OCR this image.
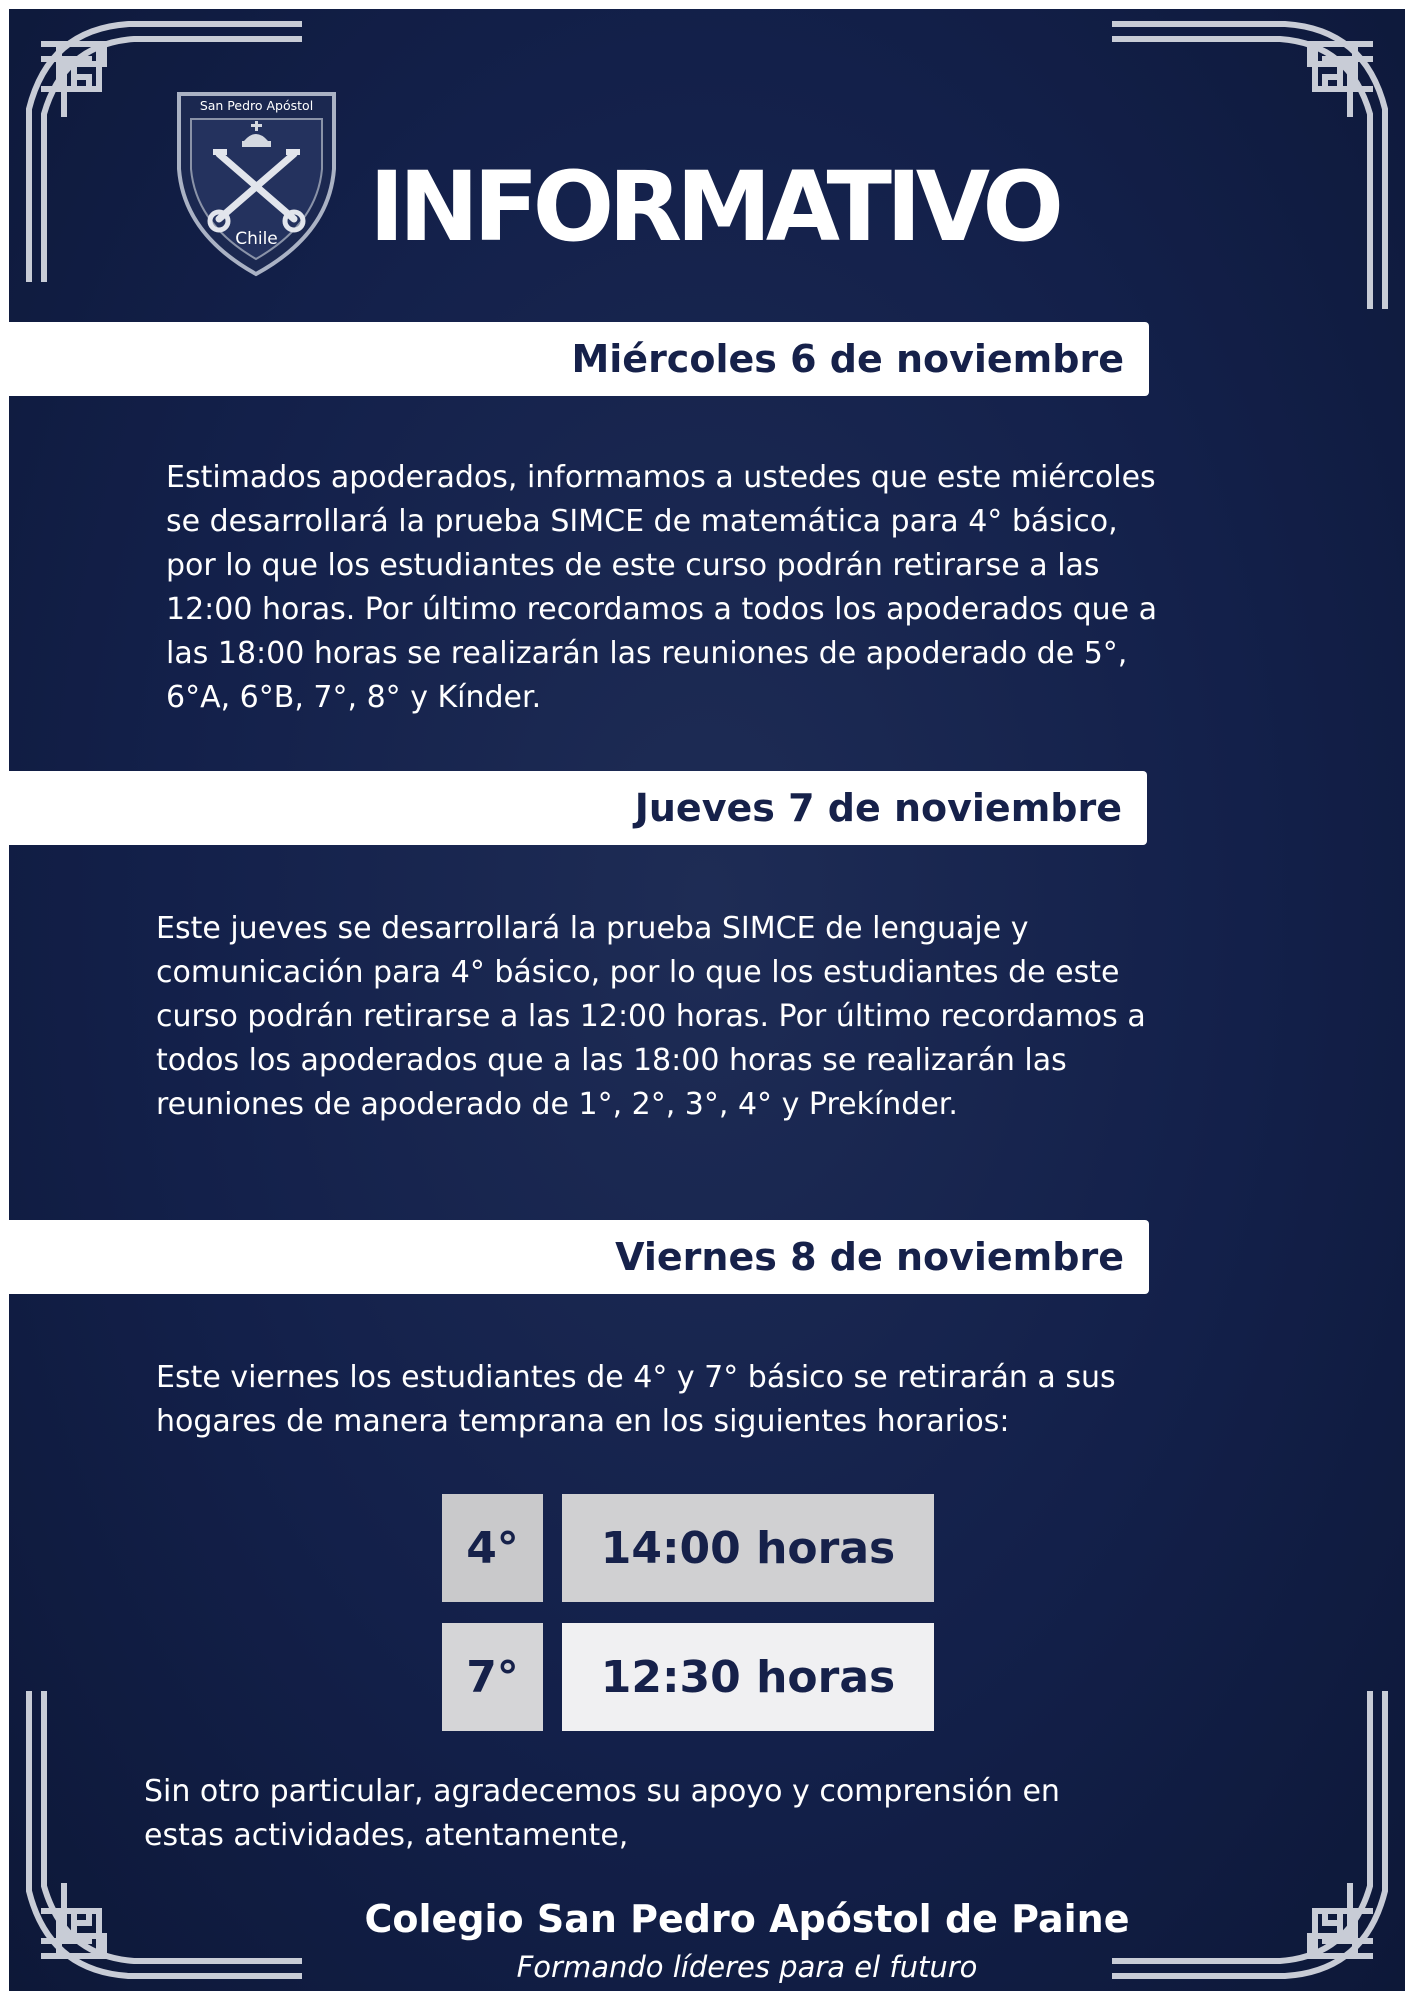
San Pedro Apóstol
Chile INFORMATIVO
Miércoles 6 de noviembre
Estimados apoderados, informamos a ustedes que este miércoles
se desarrollará la prueba SIMCE de matemática para 4° básico,
por lo que los estudiantes de este curso podrán retirarse a las
12:00 horas. Por último recordamos a todos los apoderados que a
las 18:00 horas se realizarán las reuniones de apoderado de 5°,
6°A, 6°B, 7°, 8° y Kínder.
Jueves 7 de noviembre
Este jueves se desarrollará la prueba SIMCE de lenguaje y
comunicación para 4° básico, por lo que los estudiantes de este
curso podrán retirarse a las 12:00 horas. Por último recordamos a
todos los apoderados que a las 18:00 horas se realizarán las
reuniones de apoderado de 1°, 2°, 3°, 4° y Prekínder.
Viernes 8 de noviembre
Este viernes los estudiantes de 4° y 7° básico se retirarán a sus
hogares de manera temprana en los siguientes horarios:
4°	14:00 horas
7°	12:30 horas
Sin otro particular, agradecemos su apoyo y comprensión en
estas actividades, atentamente,
Colegio San Pedro Apóstol de Paine
Formando líderes para el futuro
